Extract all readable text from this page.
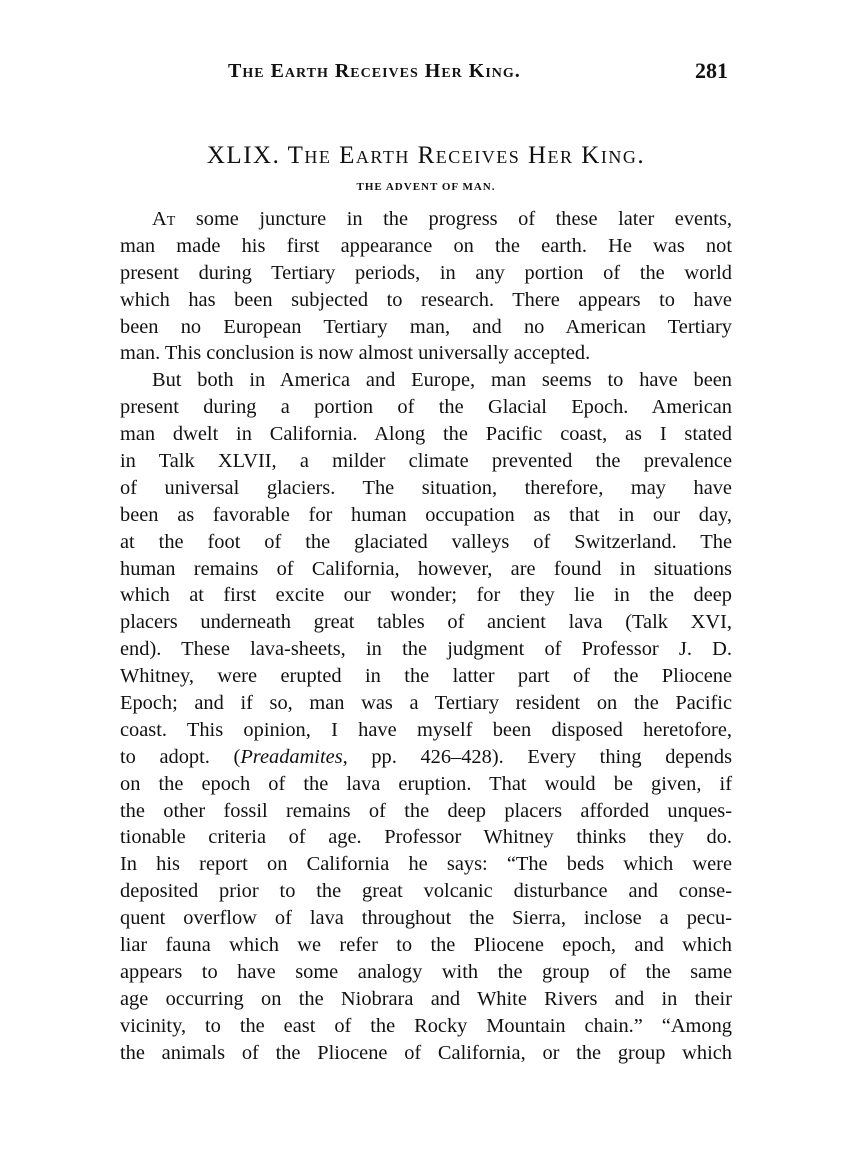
The Earth Receives Her King.	281
XLIX. The Earth Receives Her King.
THE ADVENT OF MAN.
At some juncture in the progress of these later events,
man made his first appearance on the earth. He was not
present during Tertiary periods, in any portion of the world
which has been subjected to research. There appears to have
been no European Tertiary man, and no American Tertiary
man. This conclusion is now almost universally accepted.
But both in America and Europe, man seems to have been
present during a portion of the Glacial Epoch. American
man dwelt in California. Along the Pacific coast, as I stated
in Talk XLVII, a milder climate prevented the prevalence
of universal glaciers. The situation, therefore, may have
been as favorable for human occupation as that in our day,
at the foot of the glaciated valleys of Switzerland. The
human remains of California, however, are found in situations
which at first excite our wonder; for they lie in the deep
placers underneath great tables of ancient lava (Talk XVI,
end). These lava-sheets, in the judgment of Professor J. D.
Whitney, were erupted in the latter part of the Pliocene
Epoch; and if so, man was a Tertiary resident on the Pacific
coast. This opinion, I have myself been disposed heretofore,
to adopt. (Preadamites, pp. 426–428). Every thing depends
on the epoch of the lava eruption. That would be given, if
the other fossil remains of the deep placers afforded unques-
tionable criteria of age. Professor Whitney thinks they do.
In his report on California he says: “The beds which were
deposited prior to the great volcanic disturbance and conse-
quent overflow of lava throughout the Sierra, inclose a pecu-
liar fauna which we refer to the Pliocene epoch, and which
appears to have some analogy with the group of the same
age occurring on the Niobrara and White Rivers and in their
vicinity, to the east of the Rocky Mountain chain.” “Among
the animals of the Pliocene of California, or the group which
